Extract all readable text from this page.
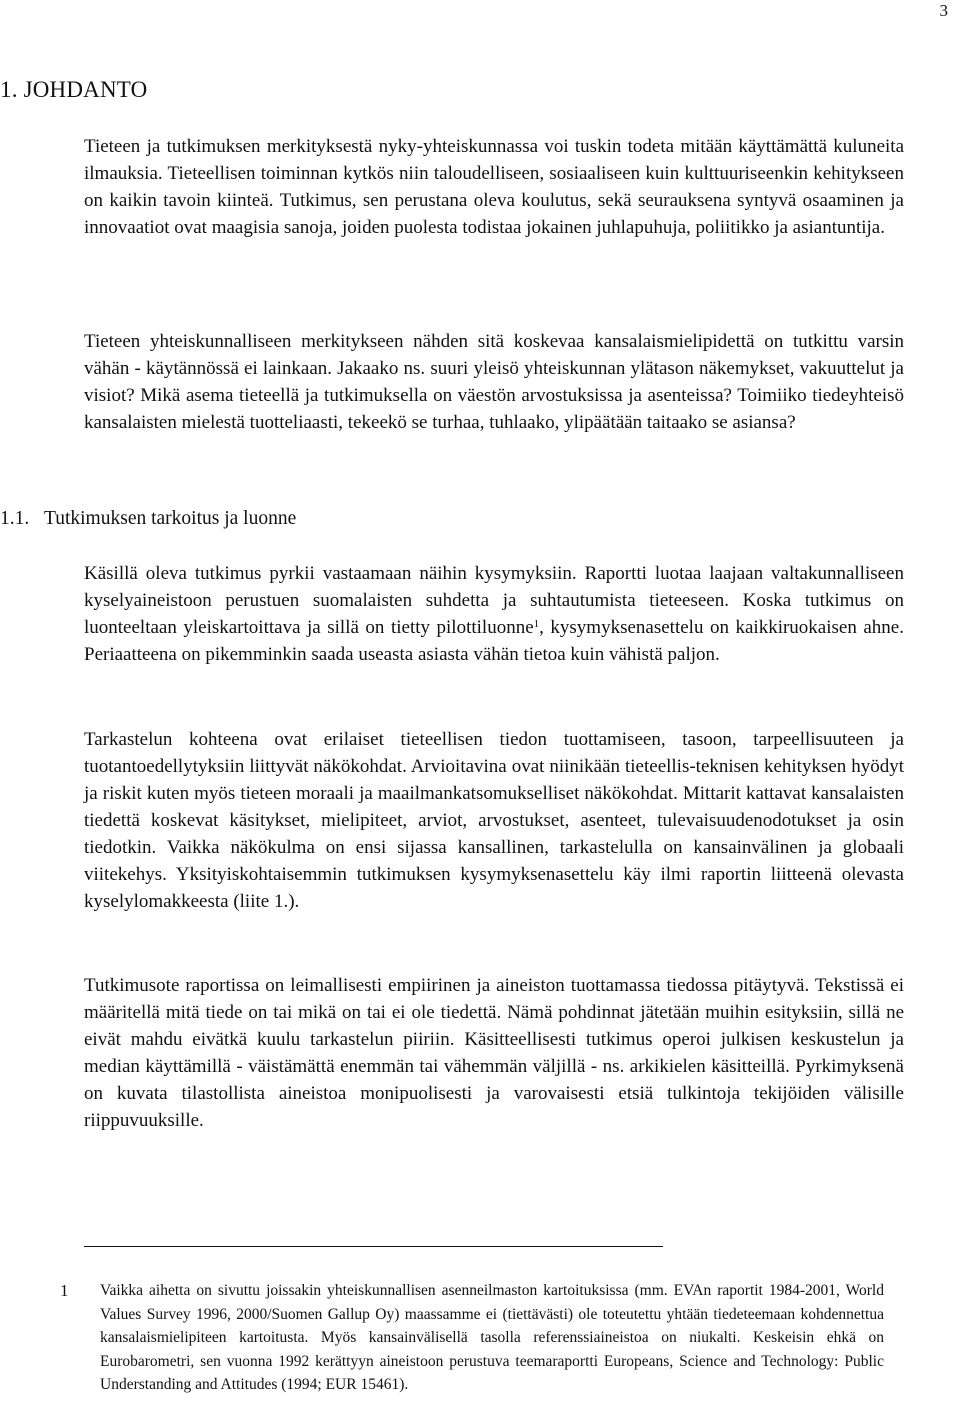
3
1. JOHDANTO

Tieteen ja tutkimuksen merkityksestä nyky-yhteiskunnassa voi tuskin todeta mitään käyttämättä kuluneita ilmauksia. Tieteellisen toiminnan kytkös niin taloudelliseen, sosiaaliseen kuin kulttuuriseenkin kehitykseen on kaikin tavoin kiinteä. Tutkimus, sen perustana oleva koulutus, sekä seurauksena syntyvä osaaminen ja innovaatiot ovat maagisia sanoja, joiden puolesta todistaa jokainen juhlapuhuja, poliitikko ja asiantuntija.

Tieteen yhteiskunnalliseen merkitykseen nähden sitä koskevaa kansalaismielipidettä on tutkittu varsin vähän - käytännössä ei lainkaan. Jakaako ns. suuri yleisö yhteiskunnan ylätason näkemykset, vakuuttelut ja visiot? Mikä asema tieteellä ja tutkimuksella on väestön arvostuksissa ja asenteissa? Toimiiko tiedeyhteisö kansalaisten mielestä tuotteliaasti, tekeekö se turhaa, tuhlaako, ylipäätään taitaako se asiansa?

1.1. Tutkimuksen tarkoitus ja luonne

Käsillä oleva tutkimus pyrkii vastaamaan näihin kysymyksiin. Raportti luotaa laajaan valtakunnalliseen kyselyaineistoon perustuen suomalaisten suhdetta ja suhtautumista tieteeseen. Koska tutkimus on luonteeltaan yleiskartoittava ja sillä on tietty pilottiluonne$^1$, kysymyksenasettelu on kaikkiruokaisen ahne. Periaatteena on pikemminkin saada useasta asiasta vähän tietoa kuin vähistä paljon.

Tarkastelun kohteena ovat erilaiset tieteellisen tiedon tuottamiseen, tasoon, tarpeellisuuteen ja tuotantoedellytyksiin liittyvät näkökohdat. Arvioitavina ovat niinikään tieteellis-teknisen kehityksen hyödyt ja riskit kuten myös tieteen moraali ja maailmankatsomukselliset näkökohdat. Mittarit kattavat kansalaisten tiedettä koskevat käsitykset, mielipiteet, arviot, arvostukset, asenteet, tulevaisuudenodotukset ja osin tiedotkin. Vaikka näkökulma on ensi sijassa kansallinen, tarkastelulla on kansainvälinen ja globaali viitekehys. Yksityiskohtaisemmin tutkimuksen kysymyksenasettelu käy ilmi raportin liitteenä olevasta kyselylomakkeesta (liite 1.).

Tutkimusote raportissa on leimallisesti empiirinen ja aineiston tuottamassa tiedossa pitäytyvä. Tekstissä ei määritellä mitä tiede on tai mikä on tai ei ole tiedettä. Nämä pohdinnat jätetään muihin esityksiin, sillä ne eivät mahdu eivätkä kuulu tarkastelun piiriin. Käsitteellisesti tutkimus operoi julkisen keskustelun ja median käyttämillä - väistämättä enemmän tai vähemmän väljillä - ns. arkikielen käsitteillä. Pyrkimyksenä on kuvata tilastollista aineistoa monipuolisesti ja varovaisesti etsiä tulkintoja tekijöiden välisille riippuvuuksille.

1 Vaikka aihetta on sivuttu joissakin yhteiskunnallisen asenneilmaston kartoituksissa (mm. EVAn raportit 1984-2001, World Values Survey 1996, 2000/Suomen Gallup Oy) maassamme ei (tiettävästi) ole toteutettu yhtään tiedeteemaan kohdennettua kansalaismielipiteen kartoitusta. Myös kansainvälisellä tasolla referenssiaineistoa on niukalti. Keskeisin ehkä on Eurobarometri, sen vuonna 1992 kerättyyn aineistoon perustuva teemaraportti Europeans, Science and Technology: Public Understanding and Attitudes (1994; EUR 15461).
